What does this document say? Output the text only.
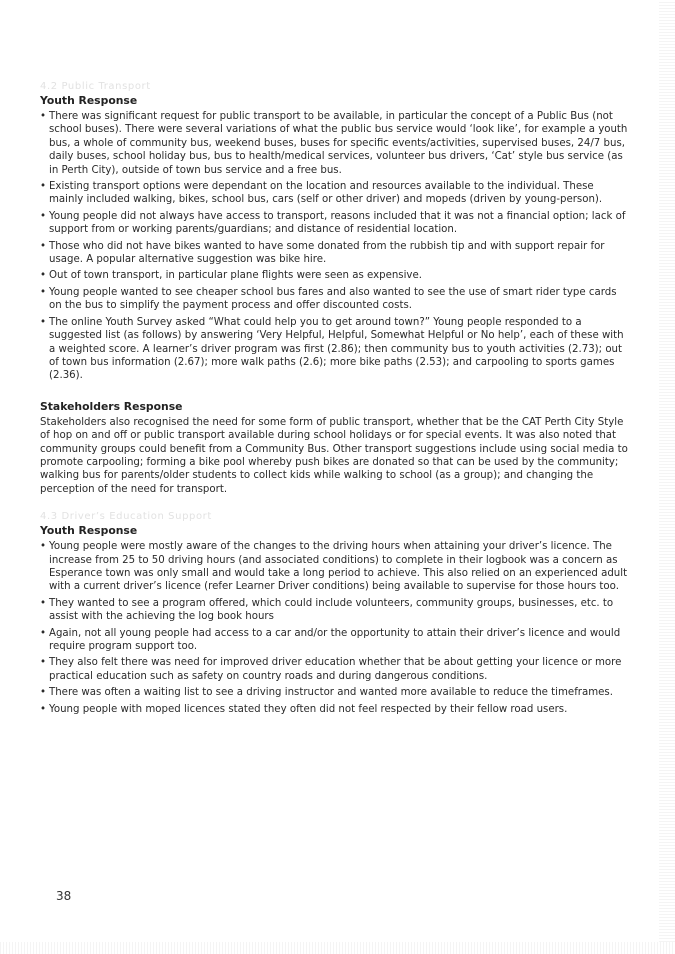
4.2 Public Transport
Youth Response
• There was significant request for public transport to be available, in particular the concept of a Public Bus (not school buses). There were several variations of what the public bus service would ‘look like’, for example a youth bus, a whole of community bus, weekend buses, buses for specific events/activities, supervised buses, 24/7 bus, daily buses, school holiday bus, bus to health/medical services, volunteer bus drivers, ‘Cat’ style bus service (as in Perth City), outside of town bus service and a free bus.
• Existing transport options were dependant on the location and resources available to the individual. These mainly included walking, bikes, school bus, cars (self or other driver) and mopeds (driven by young-person).
• Young people did not always have access to transport, reasons included that it was not a financial option; lack of support from or working parents/guardians; and distance of residential location.
• Those who did not have bikes wanted to have some donated from the rubbish tip and with support repair for usage. A popular alternative suggestion was bike hire.
• Out of town transport, in particular plane flights were seen as expensive.
• Young people wanted to see cheaper school bus fares and also wanted to see the use of smart rider type cards on the bus to simplify the payment process and offer discounted costs.
• The online Youth Survey asked “What could help you to get around town?” Young people responded to a suggested list (as follows) by answering ‘Very Helpful, Helpful, Somewhat Helpful or No help’, each of these with a weighted score. A learner’s driver program was first (2.86); then community bus to youth activities (2.73); out of town bus information (2.67); more walk paths (2.6); more bike paths (2.53); and carpooling to sports games (2.36).
Stakeholders Response

Stakeholders also recognised the need for some form of public transport, whether that be the CAT Perth City Style of hop on and off or public transport available during school holidays or for special events. It was also noted that community groups could benefit from a Community Bus. Other transport suggestions include using social media to promote carpooling; forming a bike pool whereby push bikes are donated so that can be used by the community; walking bus for parents/older students to collect kids while walking to school (as a group); and changing the perception of the need for transport.

4.3 Driver’s Education Support
Youth Response
• Young people were mostly aware of the changes to the driving hours when attaining your driver’s licence. The increase from 25 to 50 driving hours (and associated conditions) to complete in their logbook was a concern as Esperance town was only small and would take a long period to achieve. This also relied on an experienced adult with a current driver’s licence (refer Learner Driver conditions) being available to supervise for those hours too.
• They wanted to see a program offered, which could include volunteers, community groups, businesses, etc. to assist with the achieving the log book hours
• Again, not all young people had access to a car and/or the opportunity to attain their driver’s licence and would require program support too.
• They also felt there was need for improved driver education whether that be about getting your licence or more practical education such as safety on country roads and during dangerous conditions.
• There was often a waiting list to see a driving instructor and wanted more available to reduce the timeframes.
• Young people with moped licences stated they often did not feel respected by their fellow road users.
38
